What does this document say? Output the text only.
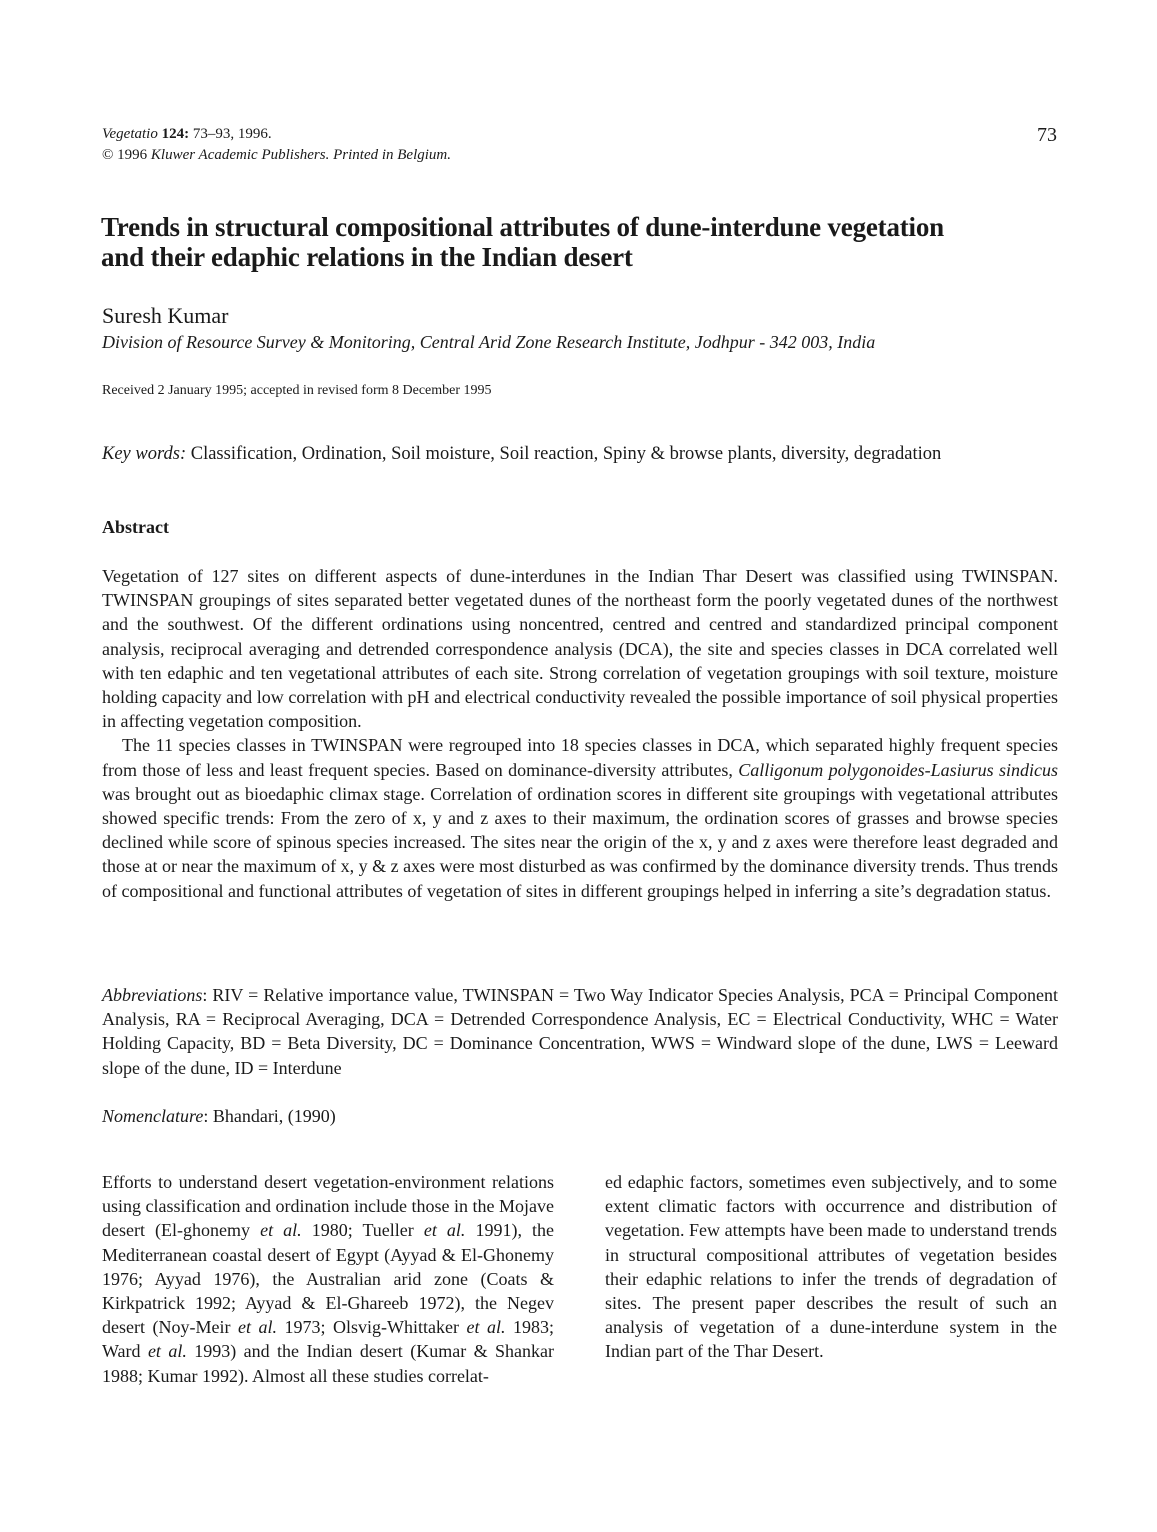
Vegetatio 124: 73–93, 1996.
© 1996 Kluwer Academic Publishers. Printed in Belgium.
73
Trends in structural compositional attributes of dune-interdune vegetation
and their edaphic relations in the Indian desert
Suresh Kumar
Division of Resource Survey & Monitoring, Central Arid Zone Research Institute, Jodhpur - 342 003, India
Received 2 January 1995; accepted in revised form 8 December 1995
Key words: Classification, Ordination, Soil moisture, Soil reaction, Spiny & browse plants, diversity, degradation
Abstract

Vegetation of 127 sites on different aspects of dune-interdunes in the Indian Thar Desert was classified using TWINSPAN. TWINSPAN groupings of sites separated better vegetated dunes of the northeast form the poorly vegetated dunes of the northwest and the southwest. Of the different ordinations using noncentred, centred and centred and standardized principal component analysis, reciprocal averaging and detrended correspondence analysis (DCA), the site and species classes in DCA correlated well with ten edaphic and ten vegetational attributes of each site. Strong correlation of vegetation groupings with soil texture, moisture holding capacity and low correlation with pH and electrical conductivity revealed the possible importance of soil physical properties in affecting vegetation composition.

The 11 species classes in TWINSPAN were regrouped into 18 species classes in DCA, which separated highly frequent species from those of less and least frequent species. Based on dominance-diversity attributes, Calligonum polygonoides-Lasiurus sindicus was brought out as bioedaphic climax stage. Correlation of ordination scores in different site groupings with vegetational attributes showed specific trends: From the zero of x, y and z axes to their maximum, the ordination scores of grasses and browse species declined while score of spinous species increased. The sites near the origin of the x, y and z axes were therefore least degraded and those at or near the maximum of x, y & z axes were most disturbed as was confirmed by the dominance diversity trends. Thus trends of compositional and functional attributes of vegetation of sites in different groupings helped in inferring a site’s degradation status.

Abbreviations: RIV = Relative importance value, TWINSPAN = Two Way Indicator Species Analysis, PCA = Principal Component Analysis, RA = Reciprocal Averaging, DCA = Detrended Correspondence Analysis, EC = Electrical Conductivity, WHC = Water Holding Capacity, BD = Beta Diversity, DC = Dominance Concentration, WWS = Windward slope of the dune, LWS = Leeward slope of the dune, ID = Interdune

Nomenclature: Bhandari, (1990)

Efforts to understand desert vegetation-environment relations using classification and ordination include those in the Mojave desert (El-ghonemy et al. 1980; Tueller et al. 1991), the Mediterranean coastal desert of Egypt (Ayyad & El-Ghonemy 1976; Ayyad 1976), the Australian arid zone (Coats & Kirkpatrick 1992; Ayyad & El-Ghareeb 1972), the Negev desert (Noy-Meir et al. 1973; Olsvig-Whittaker et al. 1983; Ward et al. 1993) and the Indian desert (Kumar & Shankar 1988; Kumar 1992). Almost all these studies correlat-

ed edaphic factors, sometimes even subjectively, and to some extent climatic factors with occurrence and distribution of vegetation. Few attempts have been made to understand trends in structural compositional attributes of vegetation besides their edaphic relations to infer the trends of degradation of sites. The present paper describes the result of such an analysis of vegetation of a dune-interdune system in the Indian part of the Thar Desert.
